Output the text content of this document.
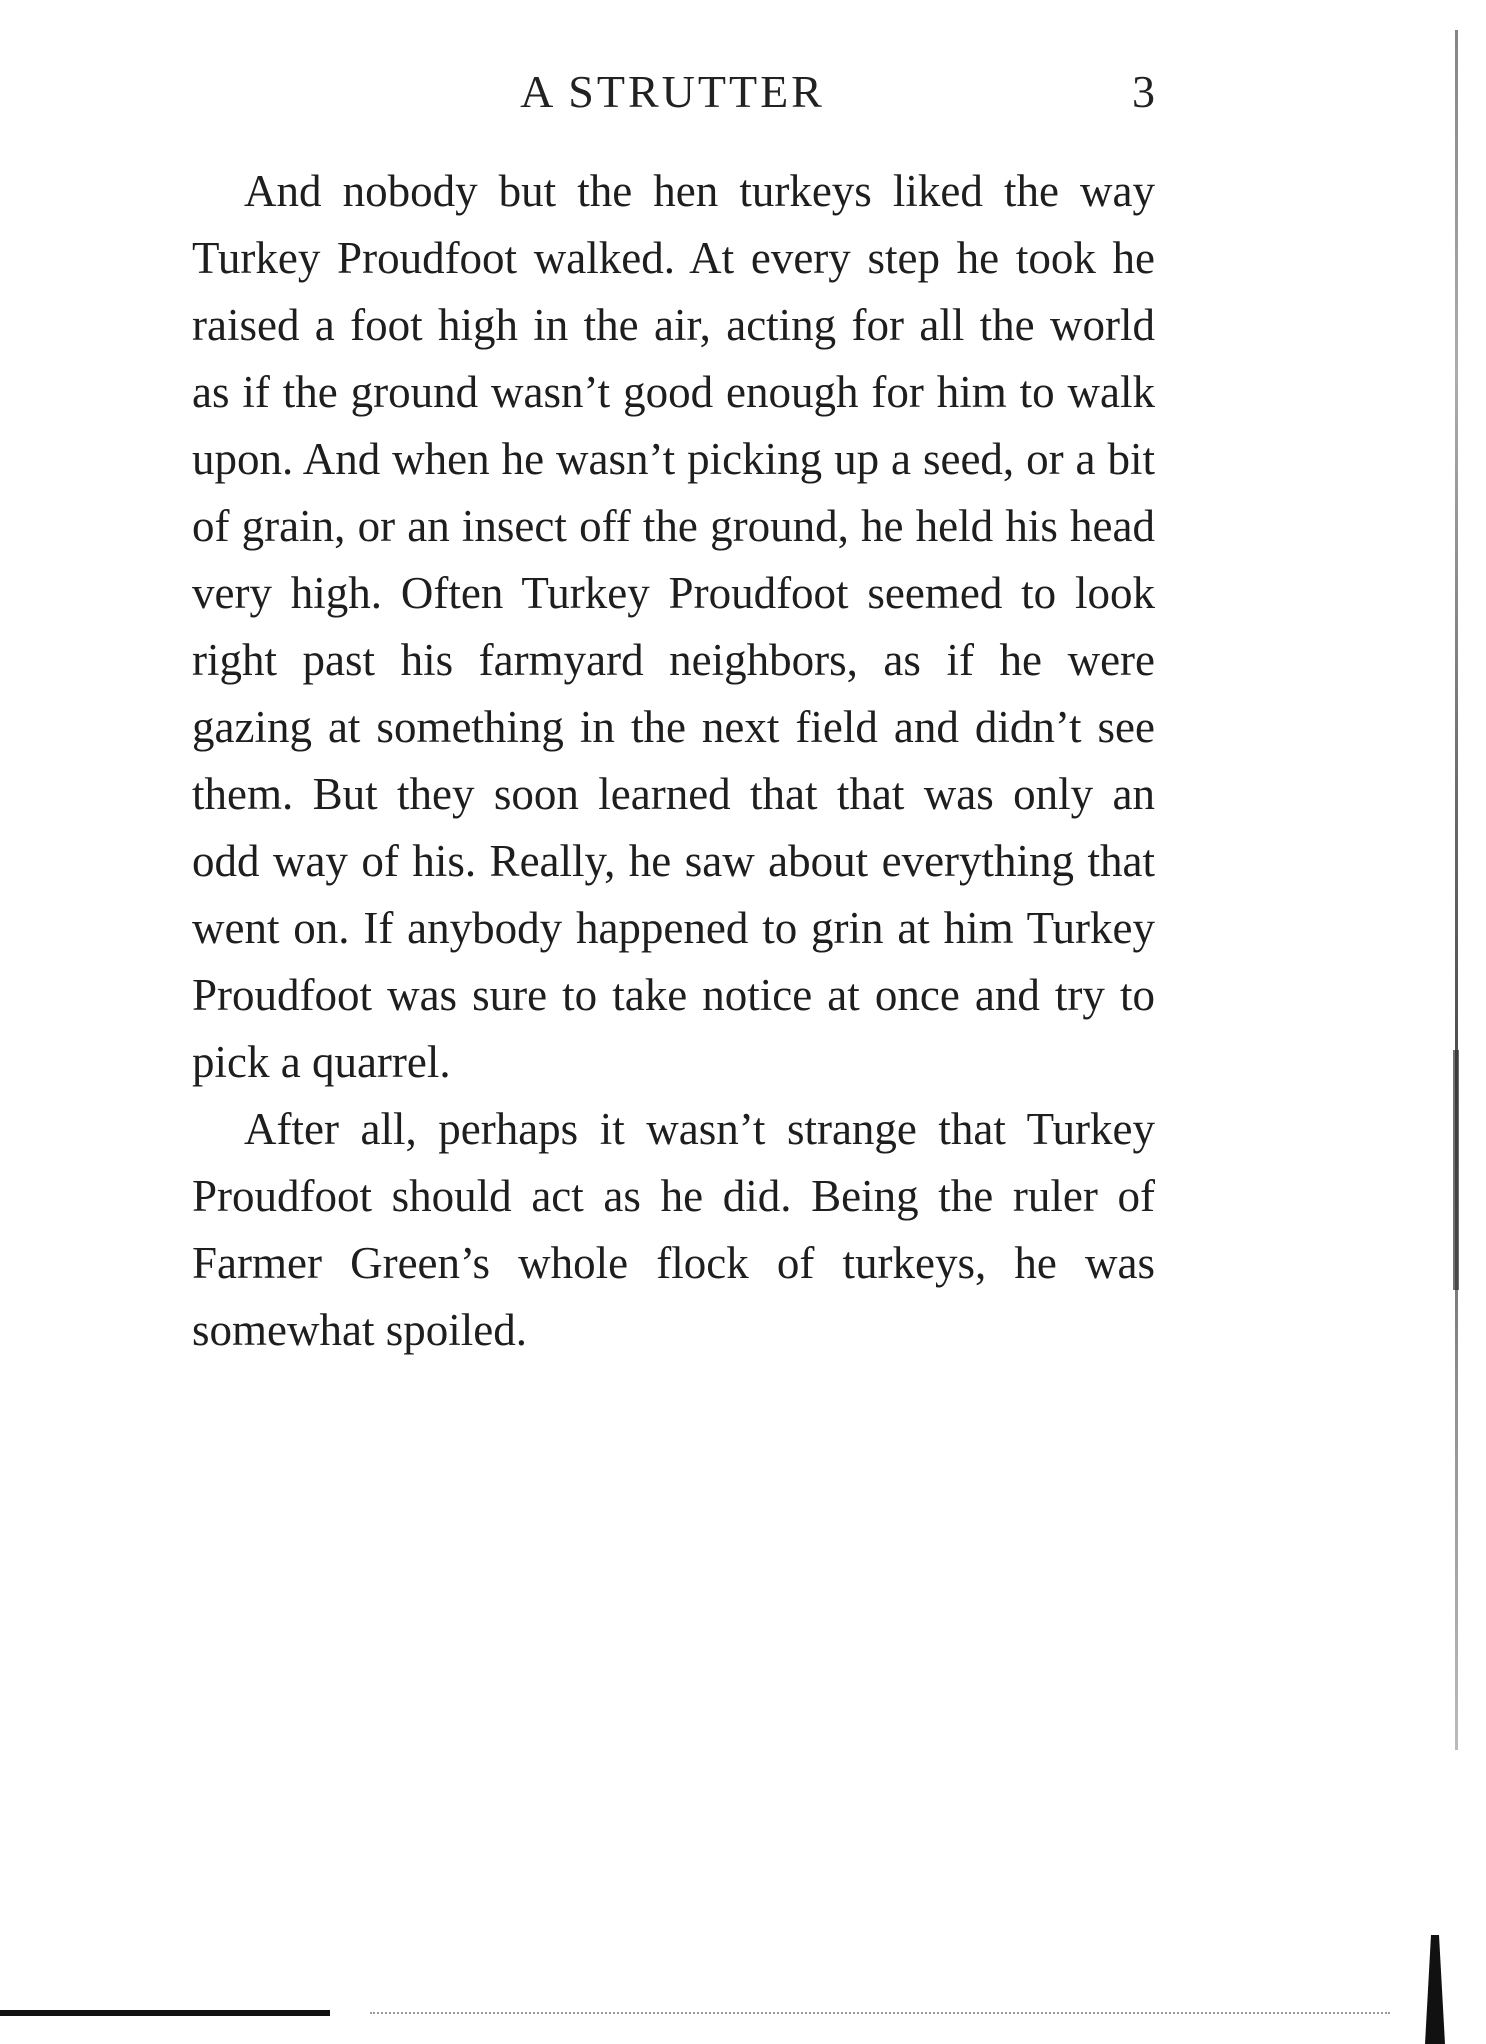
A STRUTTER	3

And nobody but the hen turkeys liked the way Turkey Proudfoot walked. At every step he took he raised a foot high in the air, acting for all the world as if the ground wasn’t good enough for him to walk upon. And when he wasn’t picking up a seed, or a bit of grain, or an insect off the ground, he held his head very high. Often Turkey Proudfoot seemed to look right past his farmyard neighbors, as if he were gazing at something in the next field and didn’t see them. But they soon learned that that was only an odd way of his. Really, he saw about everything that went on. If anybody happened to grin at him Turkey Proudfoot was sure to take notice at once and try to pick a quarrel.

After all, perhaps it wasn’t strange that Turkey Proudfoot should act as he did. Being the ruler of Farmer Green’s whole flock of turkeys, he was somewhat spoiled.
